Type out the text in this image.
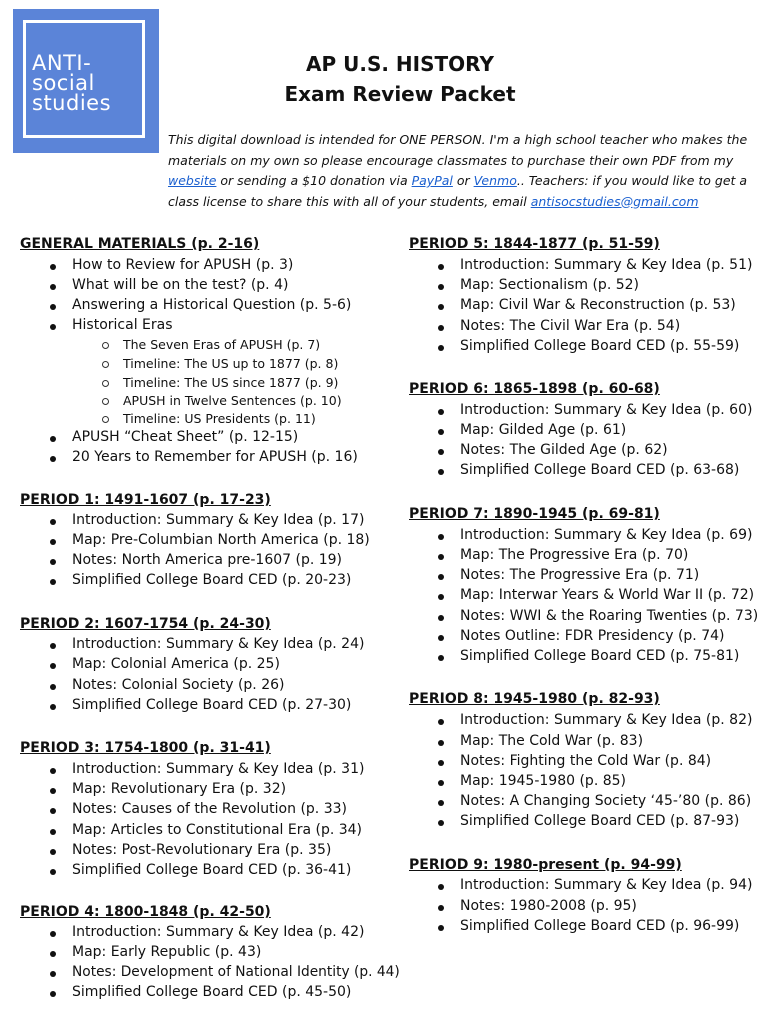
ANTI-
social
studies
AP U.S. HISTORY
Exam Review Packet

This digital download is intended for ONE PERSON. I'm a high school teacher who makes the materials on my own so please encourage classmates to purchase their own PDF from my website or sending a $10 donation via PayPal or Venmo.. Teachers: if you would like to get a class license to share this with all of your students, email antisocstudies@gmail.com

GENERAL MATERIALS (p. 2-16)
How to Review for APUSH (p. 3)
What will be on the test? (p. 4)
Answering a Historical Question (p. 5-6)
Historical Eras
The Seven Eras of APUSH (p. 7)
Timeline: The US up to 1877 (p. 8)
Timeline: The US since 1877 (p. 9)
APUSH in Twelve Sentences (p. 10)
Timeline: US Presidents (p. 11)
APUSH “Cheat Sheet” (p. 12-15)
20 Years to Remember for APUSH (p. 16)
PERIOD 1: 1491-1607 (p. 17-23)
Introduction: Summary & Key Idea (p. 17)
Map: Pre-Columbian North America (p. 18)
Notes: North America pre-1607 (p. 19)
Simplified College Board CED (p. 20-23)
PERIOD 2: 1607-1754 (p. 24-30)
Introduction: Summary & Key Idea (p. 24)
Map: Colonial America (p. 25)
Notes: Colonial Society (p. 26)
Simplified College Board CED (p. 27-30)
PERIOD 3: 1754-1800 (p. 31-41)
Introduction: Summary & Key Idea (p. 31)
Map: Revolutionary Era (p. 32)
Notes: Causes of the Revolution (p. 33)
Map: Articles to Constitutional Era (p. 34)
Notes: Post-Revolutionary Era (p. 35)
Simplified College Board CED (p. 36-41)
PERIOD 4: 1800-1848 (p. 42-50)
Introduction: Summary & Key Idea (p. 42)
Map: Early Republic (p. 43)
Notes: Development of National Identity (p. 44)
Simplified College Board CED (p. 45-50)
PERIOD 5: 1844-1877 (p. 51-59)
Introduction: Summary & Key Idea (p. 51)
Map: Sectionalism (p. 52)
Map: Civil War & Reconstruction (p. 53)
Notes: The Civil War Era (p. 54)
Simplified College Board CED (p. 55-59)
PERIOD 6: 1865-1898 (p. 60-68)
Introduction: Summary & Key Idea (p. 60)
Map: Gilded Age (p. 61)
Notes: The Gilded Age (p. 62)
Simplified College Board CED (p. 63-68)
PERIOD 7: 1890-1945 (p. 69-81)
Introduction: Summary & Key Idea (p. 69)
Map: The Progressive Era (p. 70)
Notes: The Progressive Era (p. 71)
Map: Interwar Years & World War II (p. 72)
Notes: WWI & the Roaring Twenties (p. 73)
Notes Outline: FDR Presidency (p. 74)
Simplified College Board CED (p. 75-81)
PERIOD 8: 1945-1980 (p. 82-93)
Introduction: Summary & Key Idea (p. 82)
Map: The Cold War (p. 83)
Notes: Fighting the Cold War (p. 84)
Map: 1945-1980 (p. 85)
Notes: A Changing Society ‘45-’80 (p. 86)
Simplified College Board CED (p. 87-93)
PERIOD 9: 1980-present (p. 94-99)
Introduction: Summary & Key Idea (p. 94)
Notes: 1980-2008 (p. 95)
Simplified College Board CED (p. 96-99)
